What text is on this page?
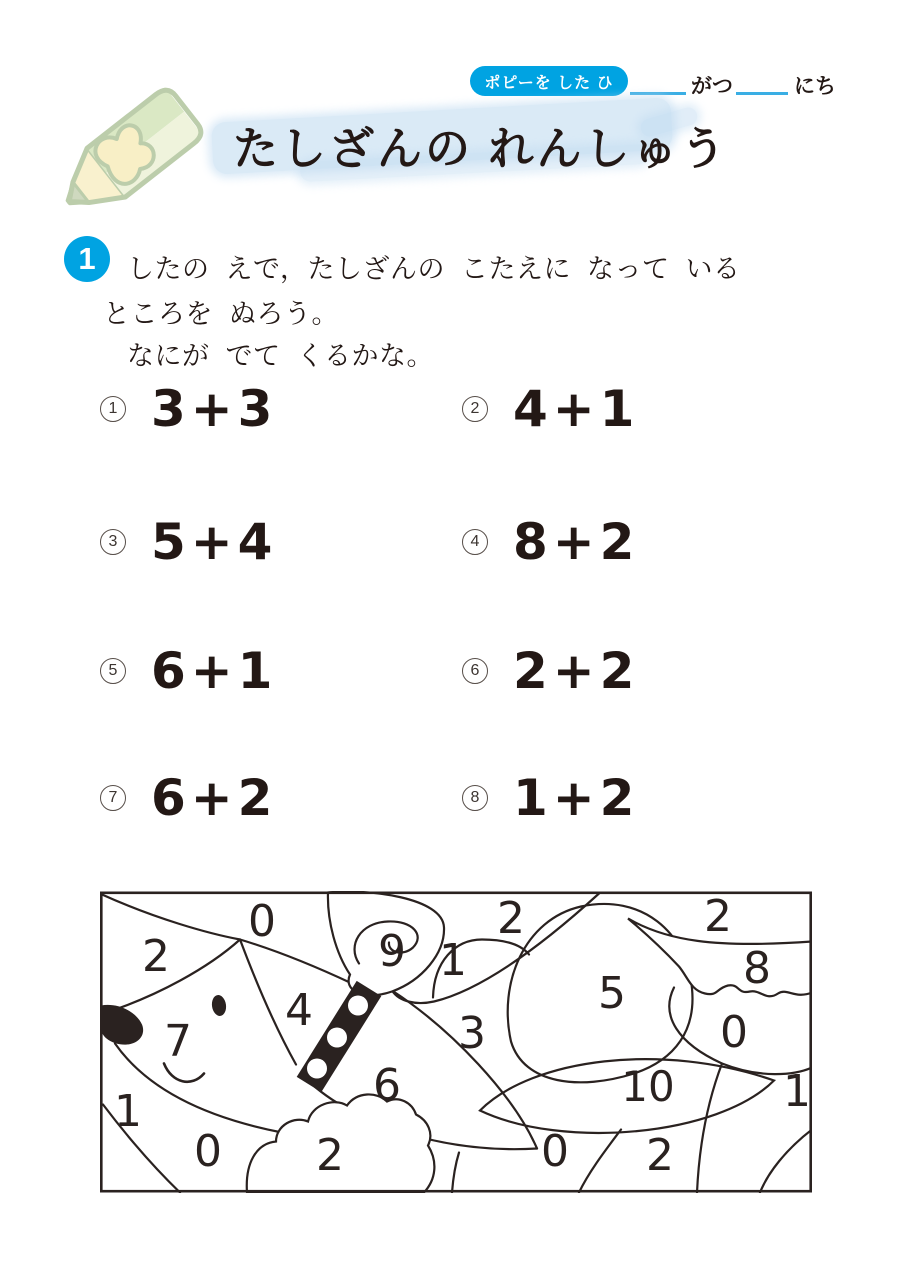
ポピーを した ひ	がつ	にち
たしざんの れんしゅう
1	したの  えで，たしざんの  こたえに  なって  いる

ところを  ぬろう。

なにが  でて  くるかな。

1 3+3	2 4+1
3 5+4	4 8+2
5 6+1	6 2+2
7 6+2	8 1+2
0
2	9 1
2	2
8
5
4	3	0
7
6	10 1
1
0 2	0 2
